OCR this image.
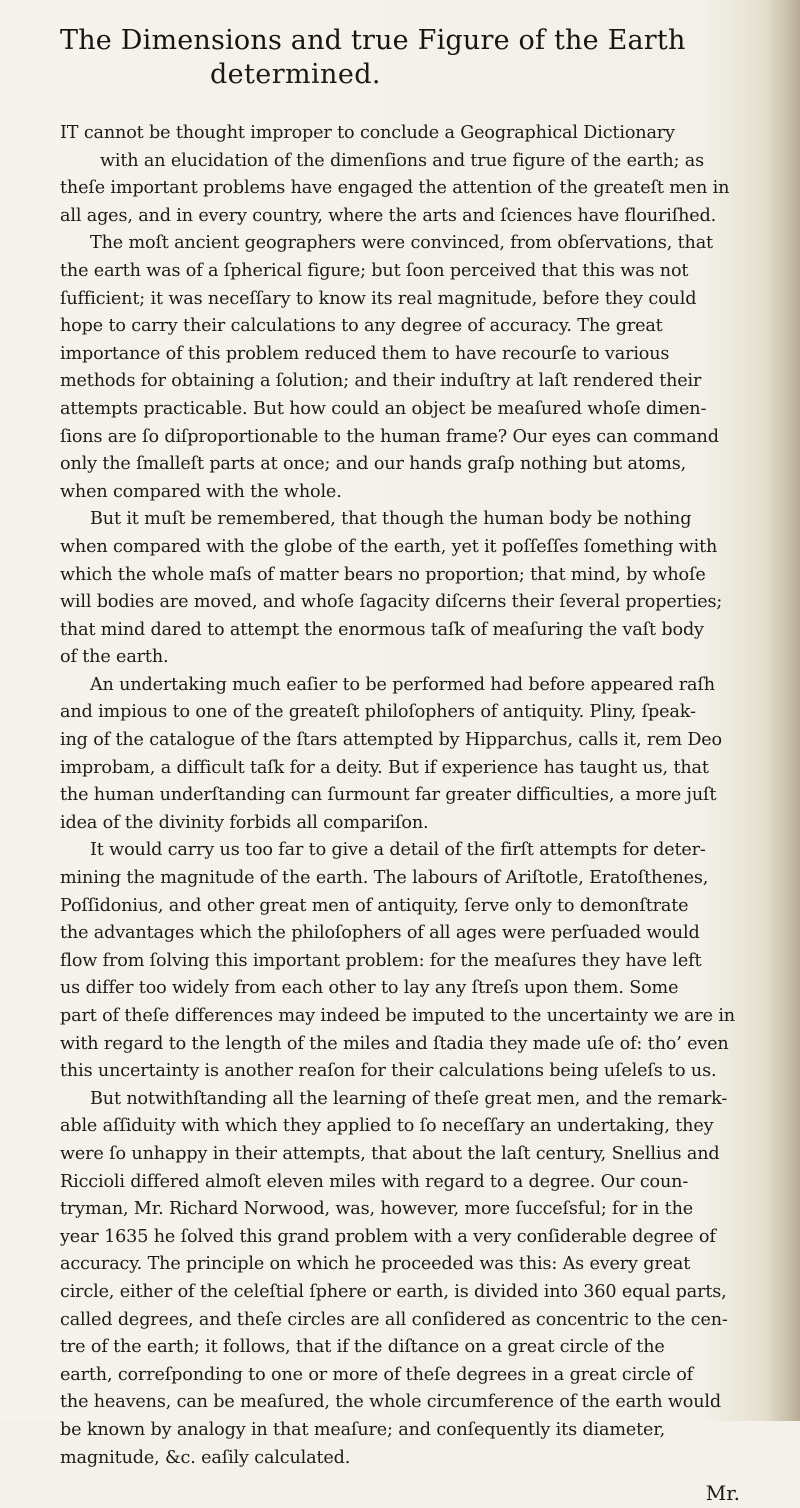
The Dimensions and true Figure of the Earth
determined.
IT cannot be thought improper to conclude a Geographical Dictionary
with an elucidation of the dimenſions and true figure of the earth; as
theſe important problems have engaged the attention of the greateſt men in
all ages, and in every country, where the arts and ſciences have flouriſhed.
The moſt ancient geographers were convinced, from obſervations, that
the earth was of a ſpherical figure; but ſoon perceived that this was not
ſufficient; it was neceſſary to know its real magnitude, before they could
hope to carry their calculations to any degree of accuracy. The great
importance of this problem reduced them to have recourſe to various
methods for obtaining a ſolution; and their induſtry at laſt rendered their
attempts practicable. But how could an object be meaſured whoſe dimen-
ſions are ſo diſproportionable to the human frame? Our eyes can command
only the ſmalleſt parts at once; and our hands graſp nothing but atoms,
when compared with the whole.
But it muſt be remembered, that though the human body be nothing
when compared with the globe of the earth, yet it poſſeſſes ſomething with
which the whole maſs of matter bears no proportion; that mind, by whoſe
will bodies are moved, and whoſe ſagacity diſcerns their ſeveral properties;
that mind dared to attempt the enormous taſk of meaſuring the vaſt body
of the earth.
An undertaking much eaſier to be performed had before appeared raſh
and impious to one of the greateſt philoſophers of antiquity. Pliny, ſpeak-
ing of the catalogue of the ſtars attempted by Hipparchus, calls it, rem Deo
improbam, a difficult taſk for a deity. But if experience has taught us, that
the human underſtanding can ſurmount far greater difficulties, a more juſt
idea of the divinity forbids all compariſon.
It would carry us too far to give a detail of the firſt attempts for deter-
mining the magnitude of the earth. The labours of Ariſtotle, Eratoſthenes,
Poſſidonius, and other great men of antiquity, ſerve only to demonſtrate
the advantages which the philoſophers of all ages were perſuaded would
flow from ſolving this important problem: for the meaſures they have left
us differ too widely from each other to lay any ſtreſs upon them. Some
part of theſe differences may indeed be imputed to the uncertainty we are in
with regard to the length of the miles and ſtadia they made uſe of: tho’ even
this uncertainty is another reaſon for their calculations being uſeleſs to us.
But notwithſtanding all the learning of theſe great men, and the remark-
able aſſiduity with which they applied to ſo neceſſary an undertaking, they
were ſo unhappy in their attempts, that about the laſt century, Snellius and
Riccioli differed almoſt eleven miles with regard to a degree. Our coun-
tryman, Mr. Richard Norwood, was, however, more ſucceſsful; for in the
year 1635 he ſolved this grand problem with a very conſiderable degree of
accuracy. The principle on which he proceeded was this: As every great
circle, either of the celeſtial ſphere or earth, is divided into 360 equal parts,
called degrees, and theſe circles are all conſidered as concentric to the cen-
tre of the earth; it follows, that if the diſtance on a great circle of the
earth, correſponding to one or more of theſe degrees in a great circle of
the heavens, can be meaſured, the whole circumference of the earth would
be known by analogy in that meaſure; and conſequently its diameter,
magnitude, &c. eaſily calculated.
Mr.
